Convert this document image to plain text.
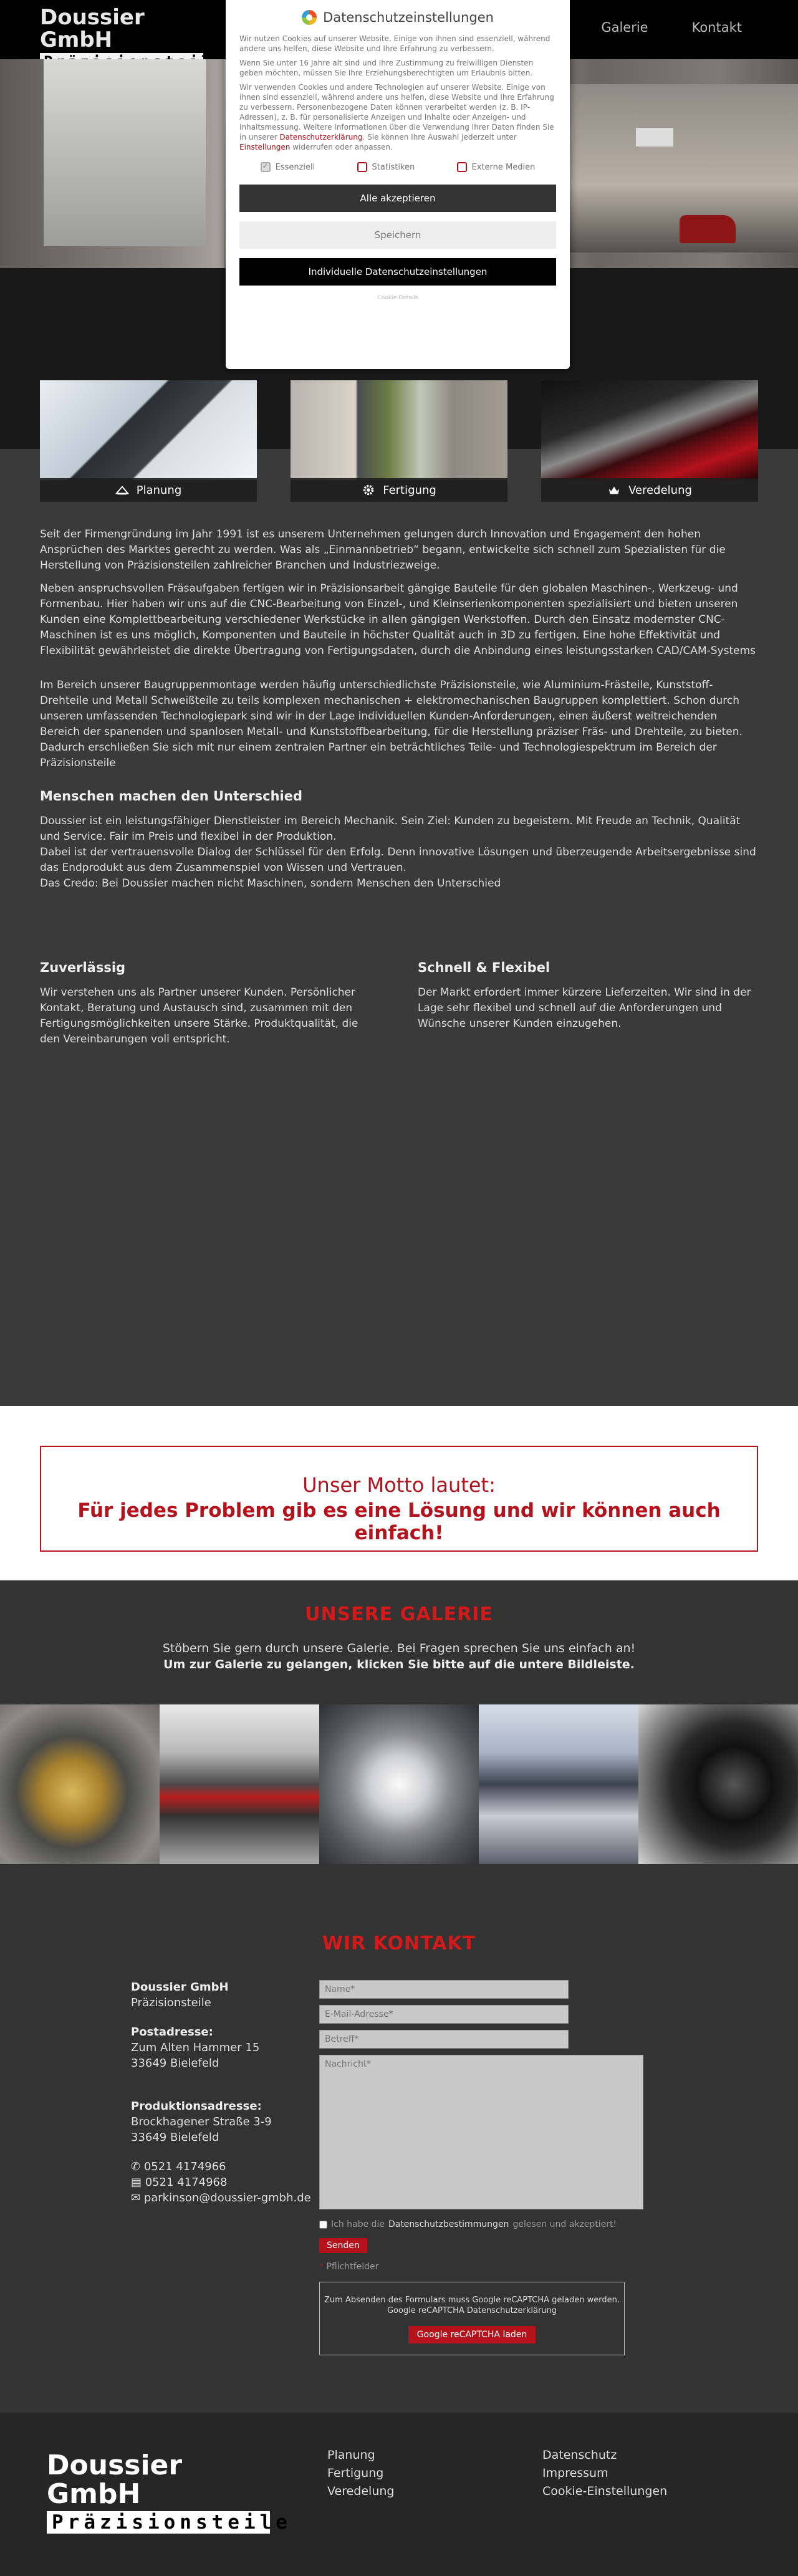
Doussier GmbH	Galerie	Kontakt
Datenschutzeinstellungen

Wir nutzen Cookies auf unserer Website. Einige von ihnen sind essenziell, während andere uns helfen, diese Website und Ihre Erfahrung zu verbessern.

Wenn Sie unter 16 Jahre alt sind und Ihre Zustimmung zu freiwilligen Diensten geben möchten, müssen Sie Ihre Erziehungsberechtigten um Erlaubnis bitten.

Wir verwenden Cookies und andere Technologien auf unserer Website. Einige von ihnen sind essenziell, während andere uns helfen, diese Website und Ihre Erfahrung zu verbessern. Personenbezogene Daten können verarbeitet werden (z. B. IP-Adressen), z. B. für personalisierte Anzeigen und Inhalte oder Anzeigen- und Inhaltsmessung. Weitere Informationen über die Verwendung Ihrer Daten finden Sie in unserer Datenschutzerklärung. Sie können Ihre Auswahl jederzeit unter Einstellungen widerrufen oder anpassen.

✓
Essenziell	Statistiken	Externe Medien
Alle akzeptieren
Speichern
Individuelle Datenschutzeinstellungen
Cookie-Details
Planung	Fertigung	Veredelung

Seit der Firmengründung im Jahr 1991 ist es unserem Unternehmen gelungen durch Innovation und Engagement den hohen Ansprüchen des Marktes gerecht zu werden. Was als „Einmannbetrieb“ begann, entwickelte sich schnell zum Spezialisten für die Herstellung von Präzisionsteilen zahlreicher Branchen und Industriezweige.

Neben anspruchsvollen Fräsaufgaben fertigen wir in Präzisionsarbeit gängige Bauteile für den globalen Maschinen-, Werkzeug- und Formenbau. Hier haben wir uns auf die CNC-Bearbeitung von Einzel-, und Kleinserienkomponenten spezialisiert und bieten unseren Kunden eine Komplettbearbeitung verschiedener Werkstücke in allen gängigen Werkstoffen. Durch den Einsatz modernster CNC-Maschinen ist es uns möglich, Komponenten und Bauteile in höchster Qualität auch in 3D zu fertigen. Eine hohe Effektivität und Flexibilität gewährleistet die direkte Übertragung von Fertigungsdaten, durch die Anbindung eines leistungsstarken CAD/CAM-Systems

Im Bereich unserer Baugruppenmontage werden häufig unterschiedlichste Präzisionsteile, wie Aluminium-Frästeile, Kunststoff-Drehteile und Metall Schweißteile zu teils komplexen mechanischen + elektromechanischen Baugruppen komplettiert. Schon durch unseren umfassenden Technologiepark sind wir in der Lage individuellen Kunden-Anforderungen, einen äußerst weitreichenden Bereich der spanenden und spanlosen Metall- und Kunststoffbearbeitung, für die Herstellung präziser Fräs- und Drehteile, zu bieten. Dadurch erschließen Sie sich mit nur einem zentralen Partner ein beträchtliches Teile- und Technologiespektrum im Bereich der Präzisionsteile

Menschen machen den Unterschied

Doussier ist ein leistungsfähiger Dienstleister im Bereich Mechanik. Sein Ziel: Kunden zu begeistern. Mit Freude an Technik, Qualität und Service. Fair im Preis und flexibel in der Produktion.

Dabei ist der vertrauensvolle Dialog der Schlüssel für den Erfolg. Denn innovative Lösungen und überzeugende Arbeitsergebnisse sind das Endprodukt aus dem Zusammenspiel von Wissen und Vertrauen.

Das Credo: Bei Doussier machen nicht Maschinen, sondern Menschen den Unterschied

Zuverlässig

Wir verstehen uns als Partner unserer Kunden. Persönlicher Kontakt, Beratung und Austausch sind, zusammen mit den Fertigungsmöglichkeiten unsere Stärke. Produktqualität, die den Vereinbarungen voll entspricht.

Schnell & Flexibel

Der Markt erfordert immer kürzere Lieferzeiten. Wir sind in der Lage sehr flexibel und schnell auf die Anforderungen und Wünsche unserer Kunden einzugehen.

Unser Motto lautet:
Für jedes Problem gib es eine Lösung und wir können auch einfach!
UNSERE GALERIE
Stöbern Sie gern durch unsere Galerie. Bei Fragen sprechen Sie uns einfach an!
Um zur Galerie zu gelangen, klicken Sie bitte auf die untere Bildleiste.
WIR KONTAKT
Doussier GmbH
Präzisionsteile
Postadresse:
Zum Alten Hammer 15
33649 Bielefeld
Produktionsadresse:
Brockhagener Straße 3-9
33649 Bielefeld
✆ 0521 4174966
▤ 0521 4174968
✉ parkinson@doussier-gmbh.de
Name*
E-Mail-Adresse*
Betreff*
Nachricht*
Ich habe die Datenschutzbestimmungen gelesen und akzeptiert!
Senden
* Pflichtfelder
Zum Absenden des Formulars muss Google reCAPTCHA geladen werden.
Google reCAPTCHA Datenschutzerklärung
Google reCAPTCHA laden
Doussier GmbH
Präzisionsteile
Planung
Fertigung
Veredelung
Datenschutz
Impressum
Cookie-Einstellungen
